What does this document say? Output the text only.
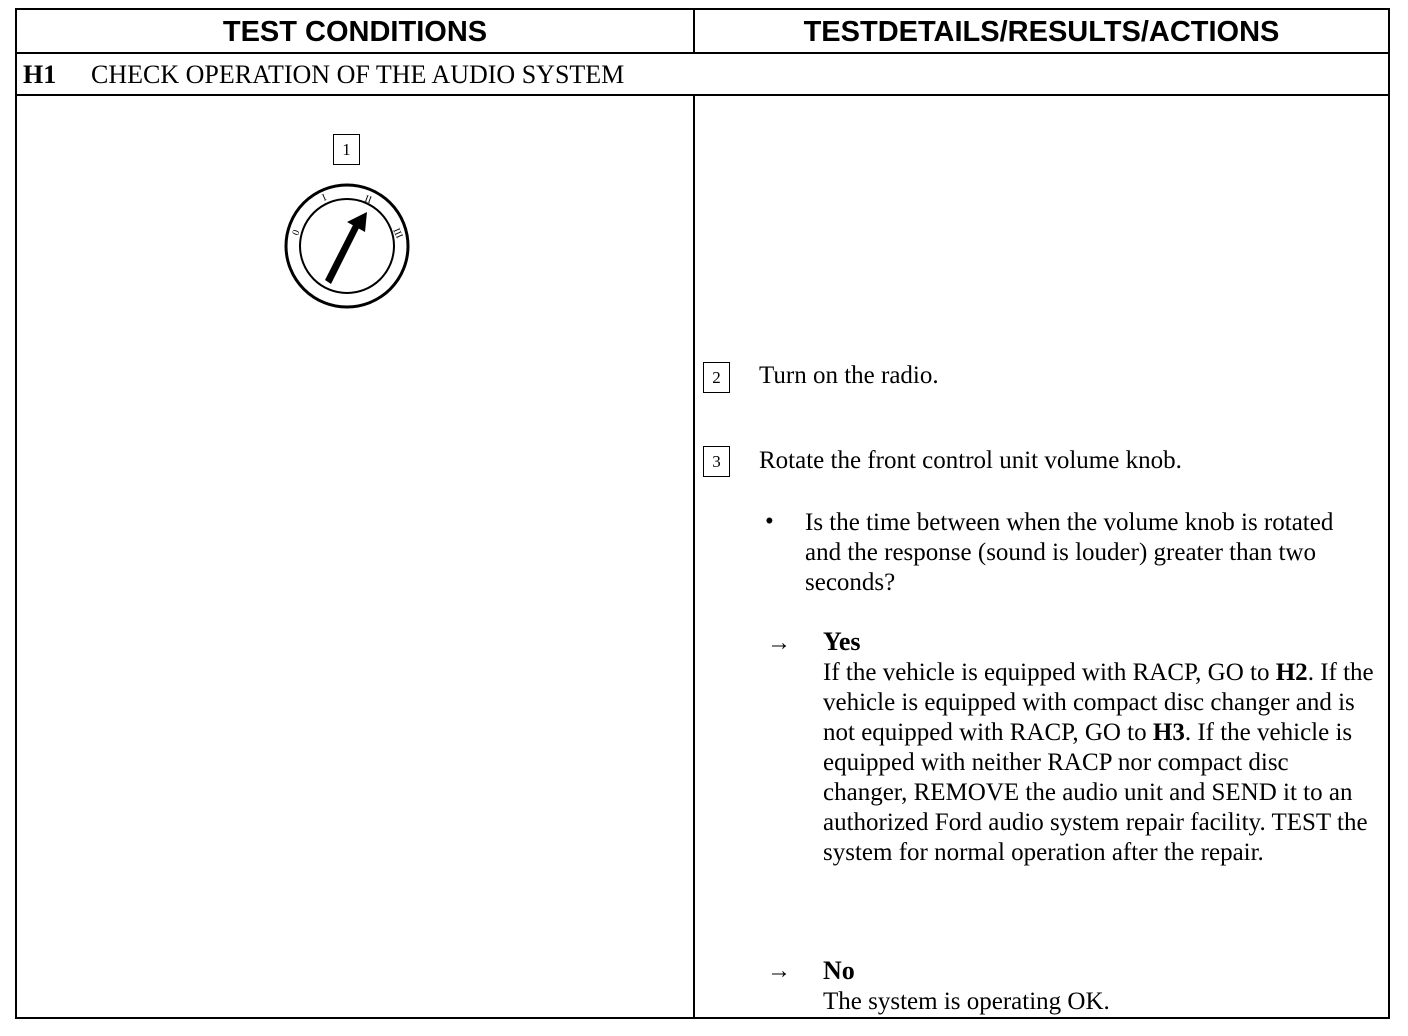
TEST CONDITIONS	TESTDETAILS/RESULTS/ACTIONS
H1 CHECK OPERATION OF THE AUDIO SYSTEM
1
0
I	II
III
2	Turn on the radio.
3	Rotate the front control unit volume knob.
• Is the time between when the volume knob is rotated and the response (sound is louder) greater than two seconds?
→ Yes
If the vehicle is equipped with RACP, GO to H2. If the vehicle is equipped with compact disc changer and is not equipped with RACP, GO to H3. If the vehicle is equipped with neither RACP nor compact disc changer, REMOVE the audio unit and SEND it to an authorized Ford audio system repair facility. TEST the system for normal operation after the repair.
→ No
The system is operating OK.
